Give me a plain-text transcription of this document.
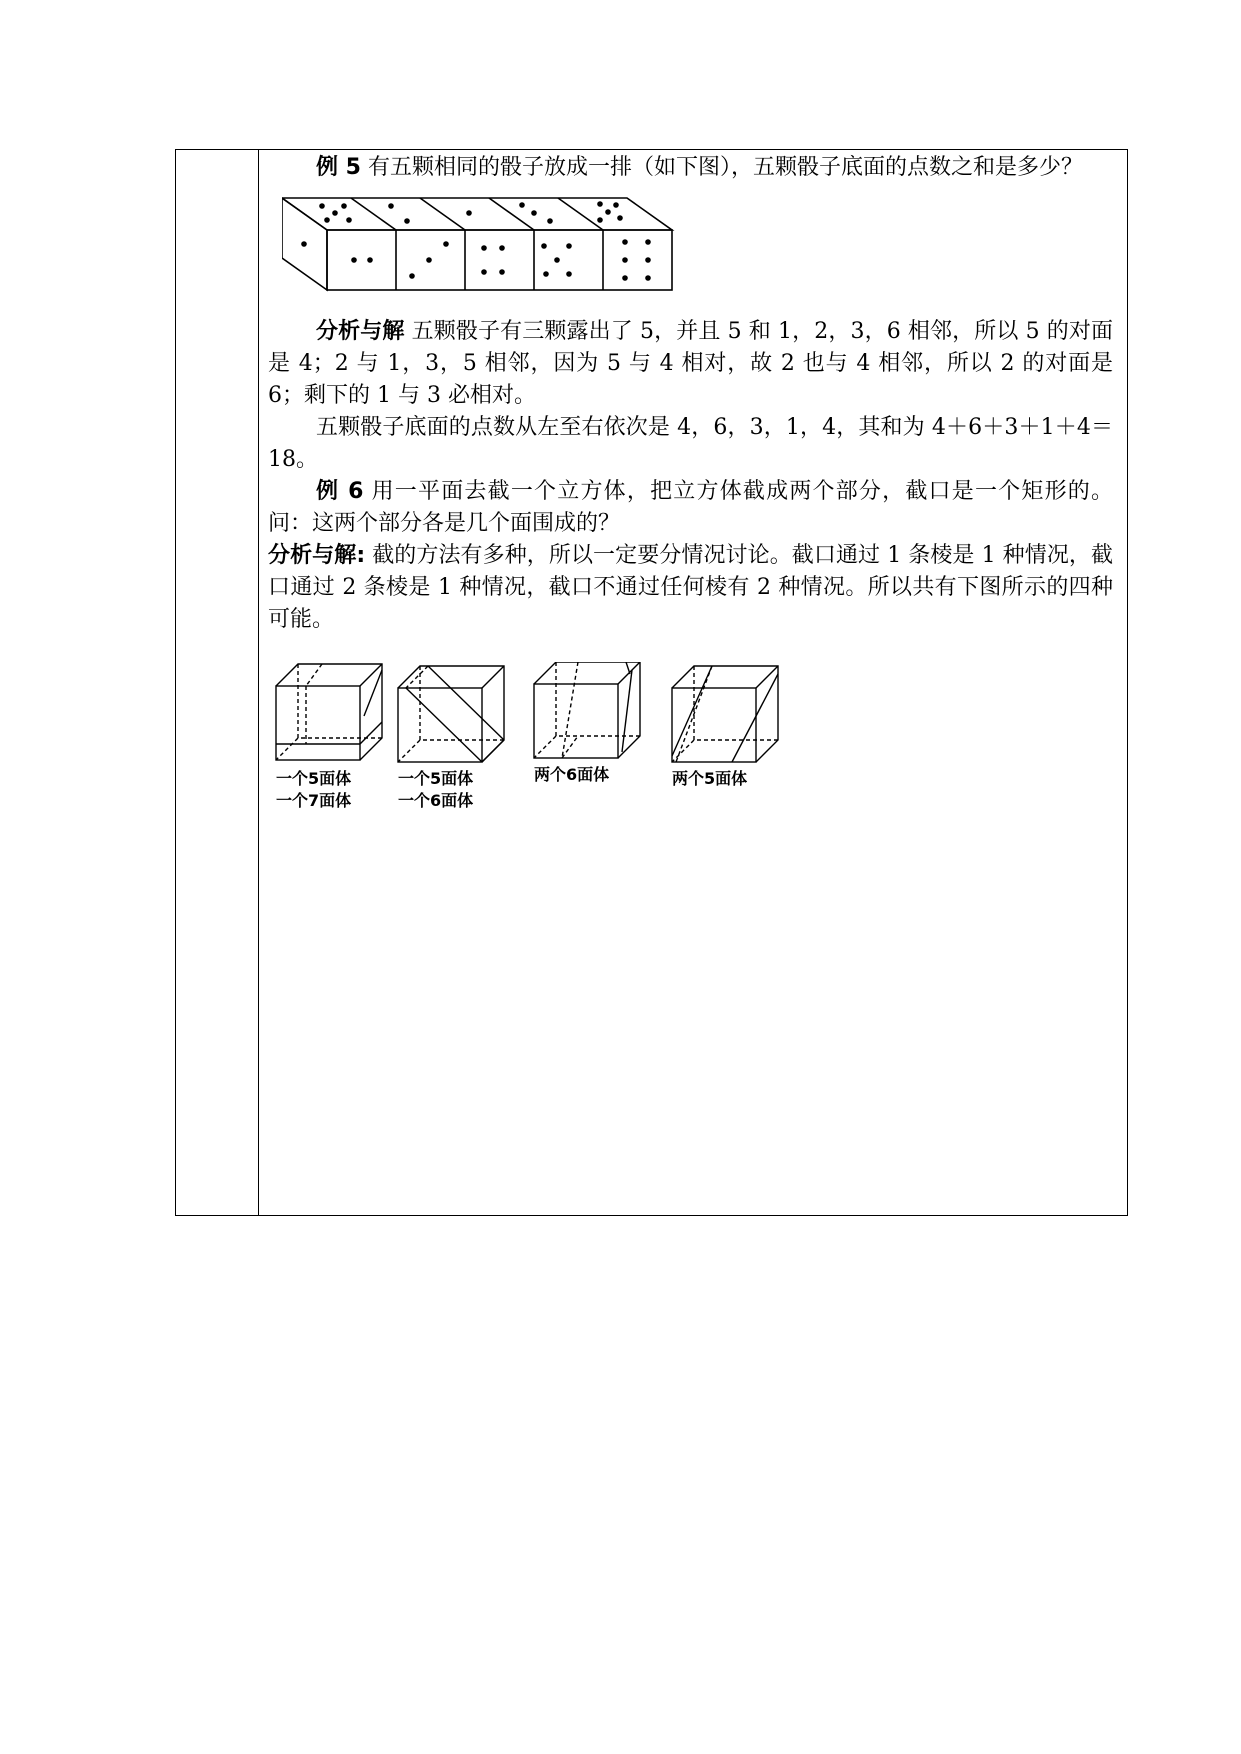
例 5 有五颗相同的骰子放成一排（如下图），五颗骰子底面的点数之和是多少？

分析与解 五颗骰子有三颗露出了 5，并且 5 和 1，2，3，6 相邻，所以 5 的对面是 4；2 与 1，3，5 相邻，因为 5 与 4 相对，故 2 也与 4 相邻，所以 2 的对面是 6；剩下的 1 与 3 必相对。

五颗骰子底面的点数从左至右依次是 4，6，3，1，4，其和为 4＋6＋3＋1＋4＝18。

例 6 用一平面去截一个立方体，把立方体截成两个部分，截口是一个矩形的。问：这两个部分各是几个面围成的？

分析与解: 截的方法有多种，所以一定要分情况讨论。截口通过 1 条棱是 1 种情况，截口通过 2 条棱是 1 种情况，截口不通过任何棱有 2 种情况。所以共有下图所示的四种可能。

一个5面体
一个7面体
一个5面体
一个6面体
两个6面体	两个5面体
